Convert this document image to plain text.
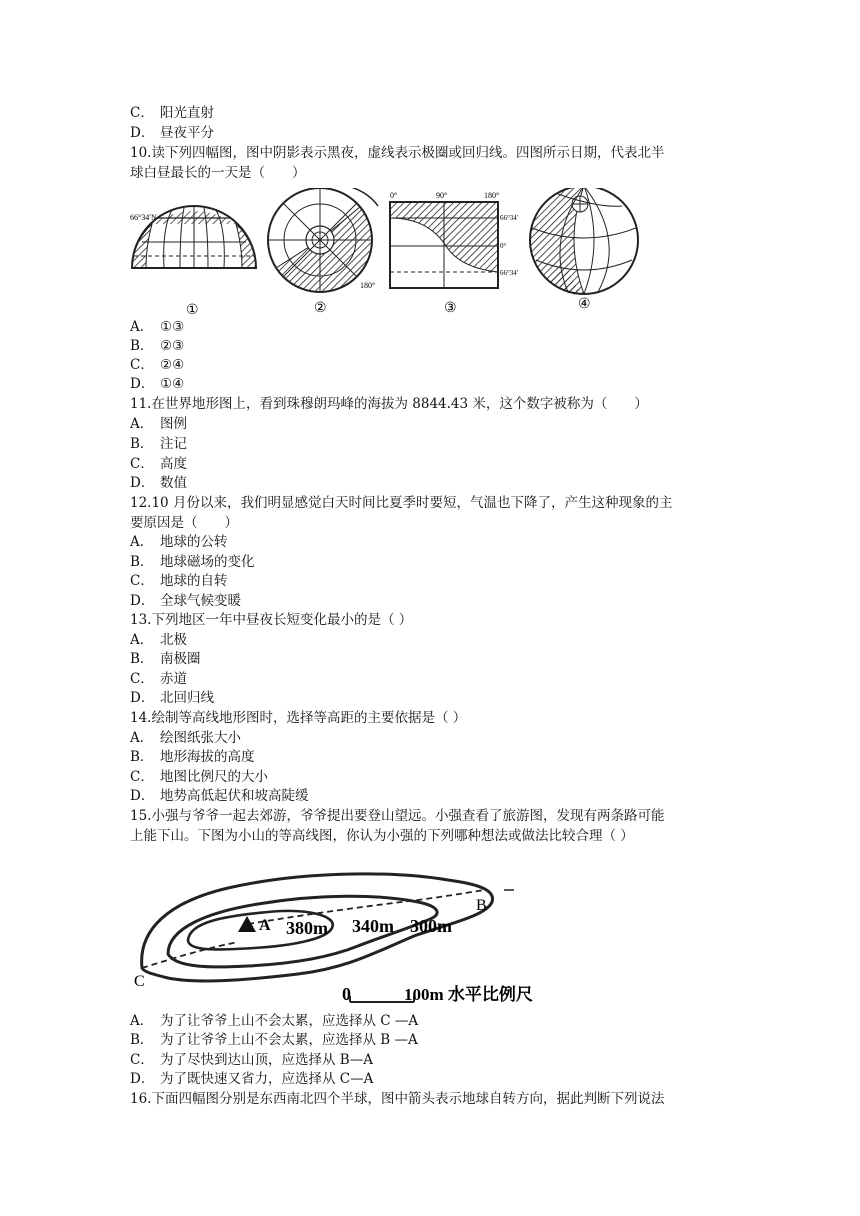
C． 阳光直射
D． 昼夜平分
10.读下列四幅图，图中阴影表示黑夜，虚线表示极圈或回归线。四图所示日期，代表北半
球白昼最长的一天是（　　）
66°34′N
180°
0°	90°	180°
66°34′
0°
66°34′
①	②	③	④
A． ①③
B． ②③
C． ②④
D． ①④
11.在世界地形图上，看到珠穆朗玛峰的海拔为 8844.43 米，这个数字被称为（　　）
A． 图例
B． 注记
C． 高度
D． 数值
12.10 月份以来，我们明显感觉白天时间比夏季时要短，气温也下降了，产生这种现象的主
要原因是（　　）
A． 地球的公转
B． 地球磁场的变化
C． 地球的自转
D． 全球气候变暖
13.下列地区一年中昼夜长短变化最小的是（ ）
A． 北极
B． 南极圈
C． 赤道
D． 北回归线
14.绘制等高线地形图时，选择等高距的主要依据是（ ）
A． 绘图纸张大小
B． 地形海拔的高度
C． 地图比例尺的大小
D． 地势高低起伏和坡高陡缓
15.小强与爷爷一起去郊游，爷爷提出要登山望远。小强查看了旅游图，发现有两条路可能
上能下山。下图为小山的等高线图，你认为小强的下列哪种想法或做法比较合理（ ）
A 380m 340m 300m
B
C
0	100m 水平比例尺
A． 为了让爷爷上山不会太累，应选择从 C —A
B． 为了让爷爷上山不会太累，应选择从 B —A
C． 为了尽快到达山顶，应选择从 B—A
D． 为了既快速又省力，应选择从 C—A
16.下面四幅图分别是东西南北四个半球，图中箭头表示地球自转方向，据此判断下列说法
